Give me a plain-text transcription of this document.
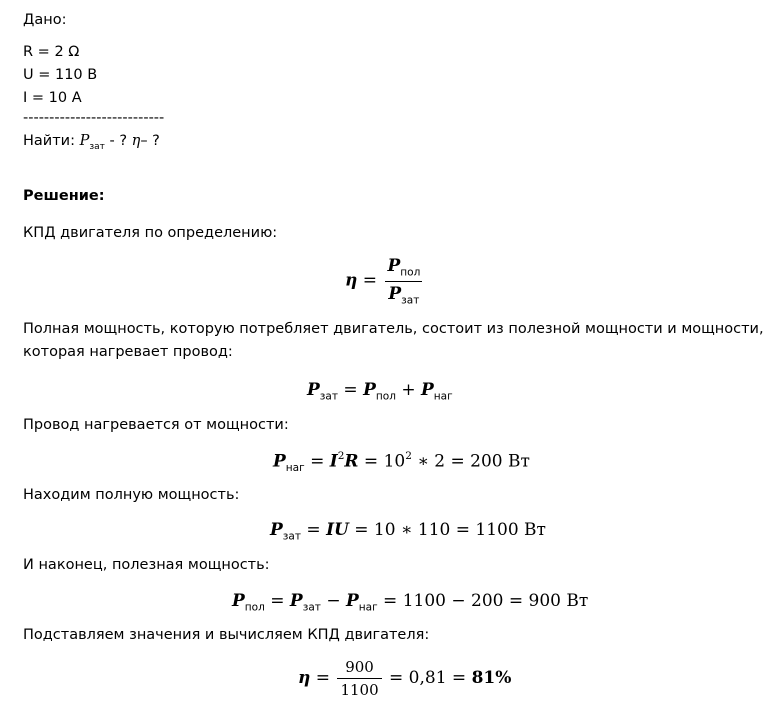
Дано:
R = 2 Ω
U = 110 В
I = 10 A
---------------------------
Найти: $P_{зат}$ - ? η– ?
Решение:
КПД двигателя по определению:
$\eta = \frac{P_{пол}}{P_{зат}}$
Полная мощность, которую потребляет двигатель, состоит из полезной мощности и мощности,
которая нагревает провод:
$P_{зат} = P_{пол} + P_{наг}$
Провод нагревается от мощности:
$P_{наг} = I^2R = 10^2$ ∗ 2 = 200 Вт
Находим полную мощность:
$P_{зат}$ = IU = 10 ∗ 110 = 1100 Вт
И наконец, полезная мощность:
$P_{пол} = P_{зат} - P_{наг} = 1100 - 200 = 900$ Вт
Подставляем значения и вычисляем КПД двигателя:
$\eta = \frac{900}{1100} = 0,81 = 81\%$
